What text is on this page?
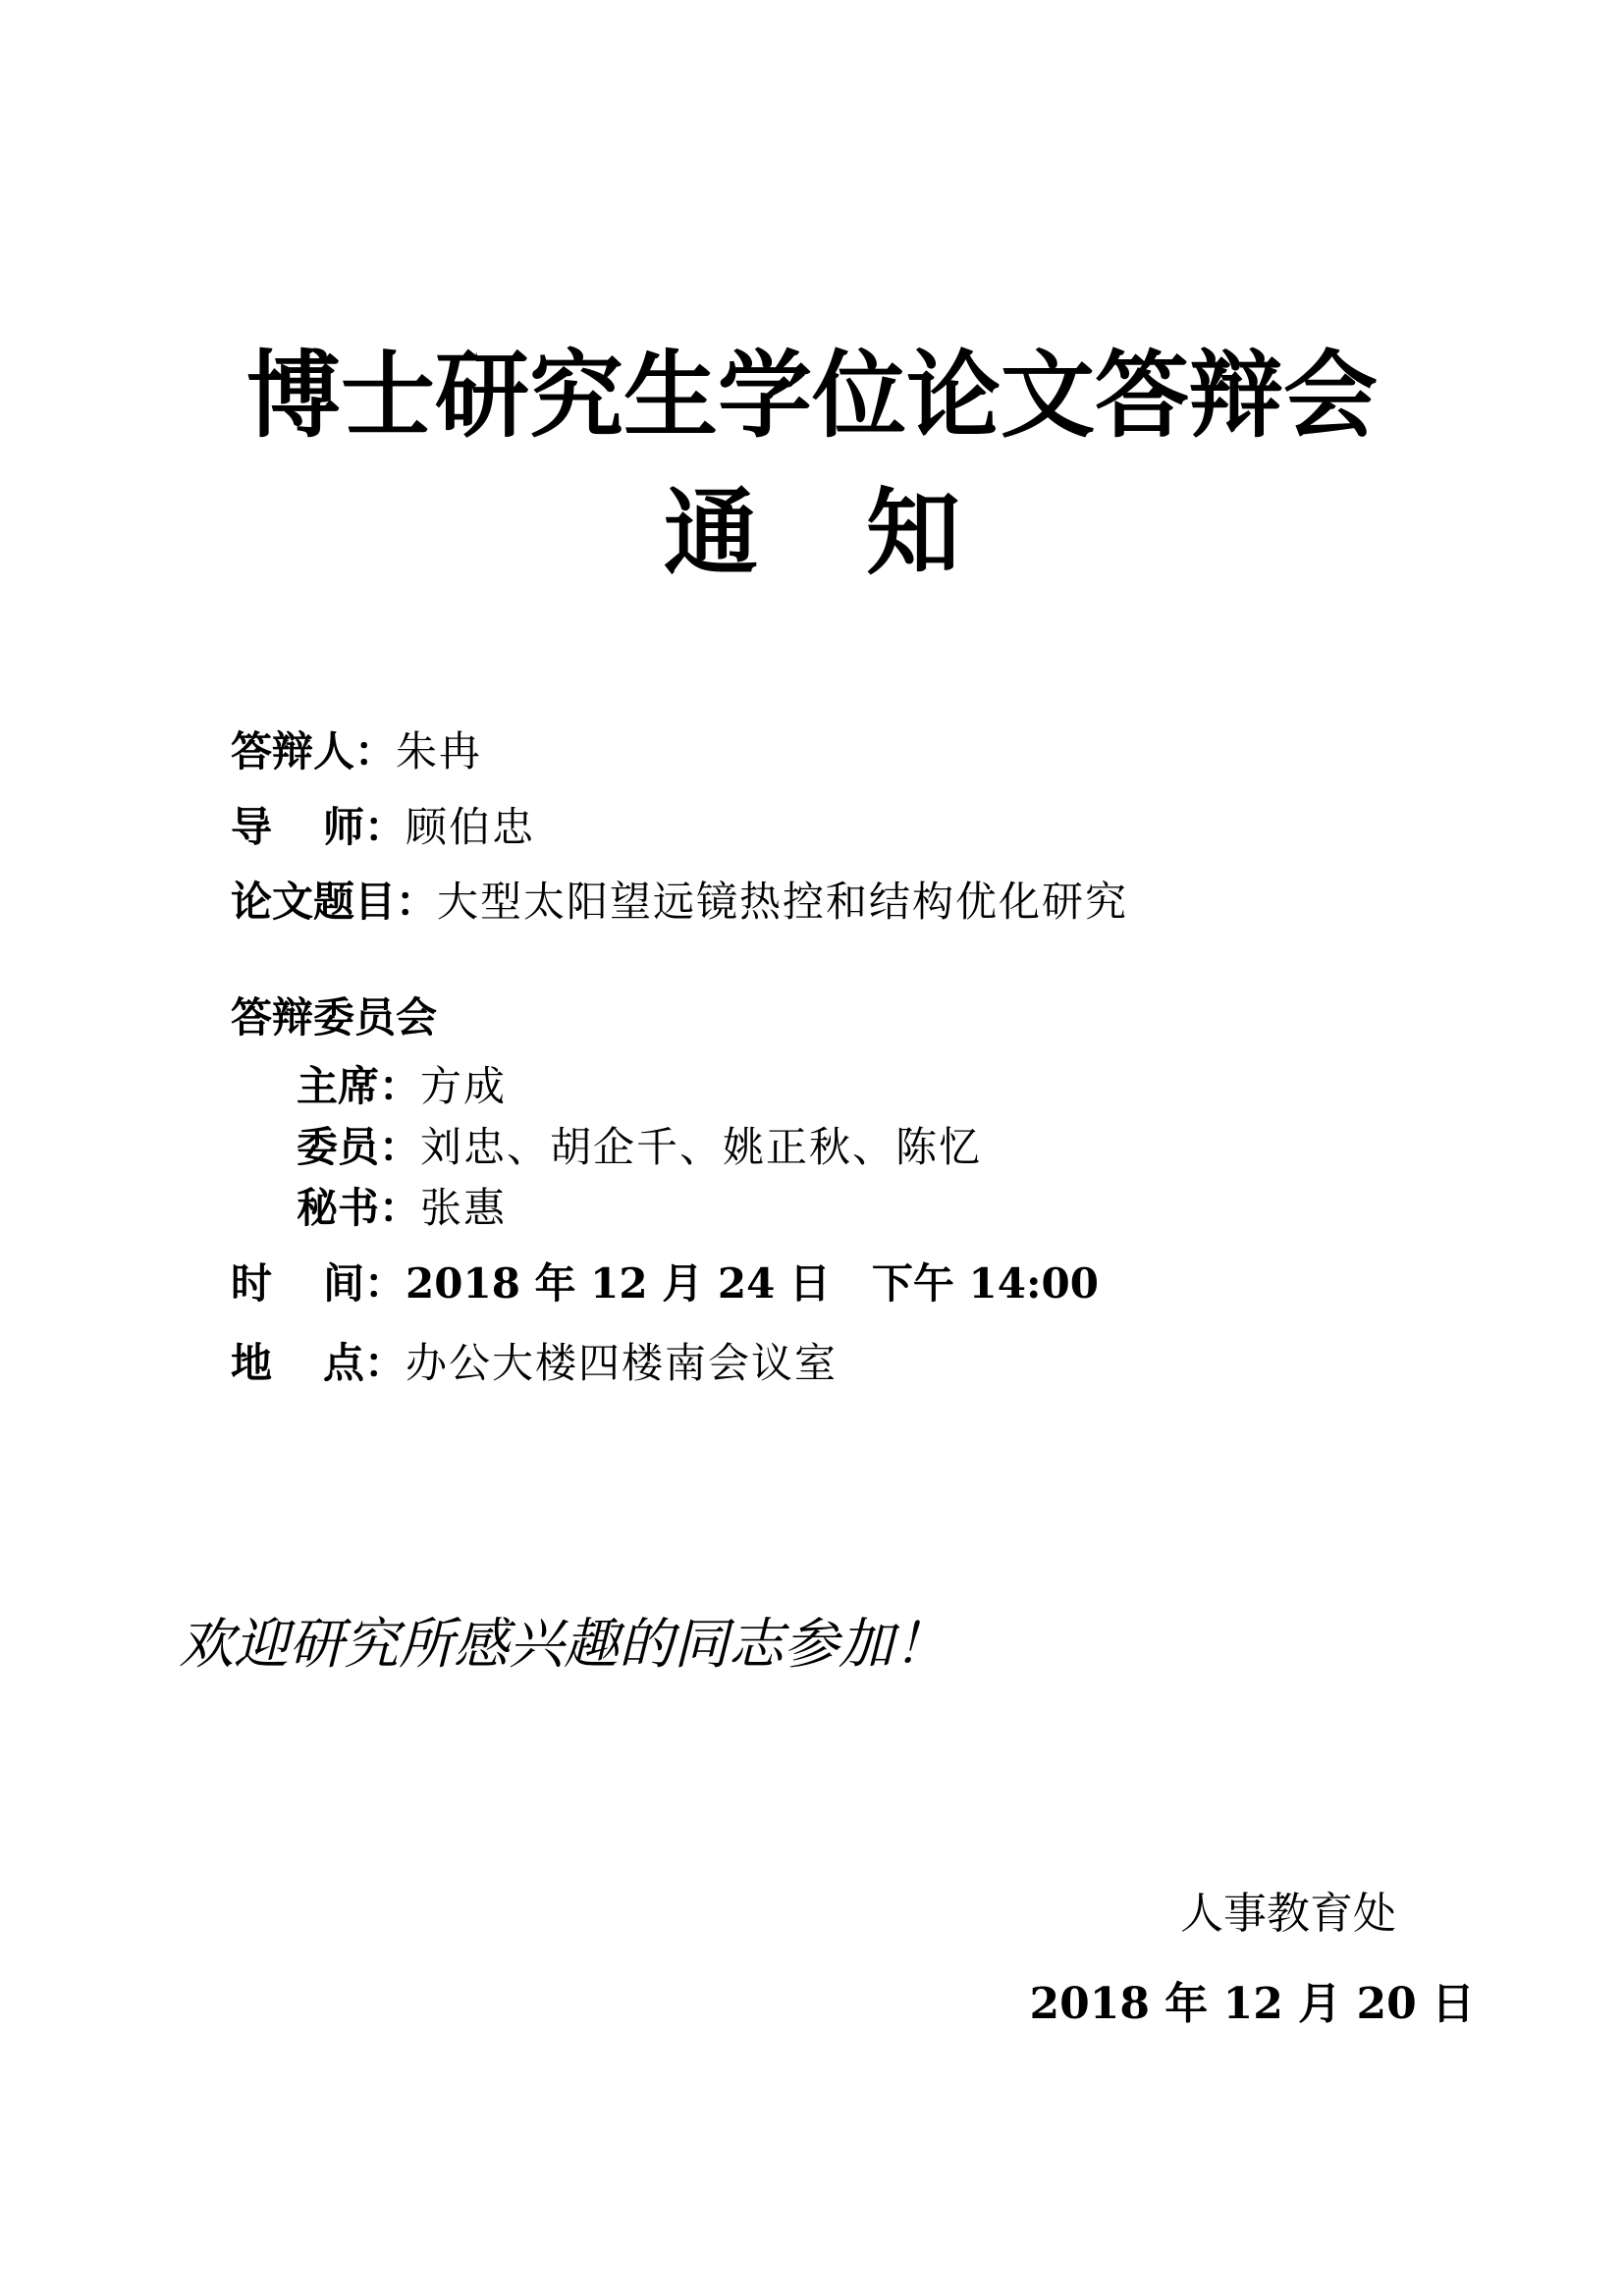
博士研究生学位论文答辩会
通 知
答辩人：朱冉
导 师：顾伯忠
论文题目：大型太阳望远镜热控和结构优化研究
答辩委员会
主席：方成
委员：刘忠、胡企千、姚正秋、陈忆
秘书：张惠
时 间：2018 年 12 月 24 日　下午 14:00
地 点：办公大楼四楼南会议室
欢迎研究所感兴趣的同志参加！
人事教育处
2018 年 12 月 20 日
